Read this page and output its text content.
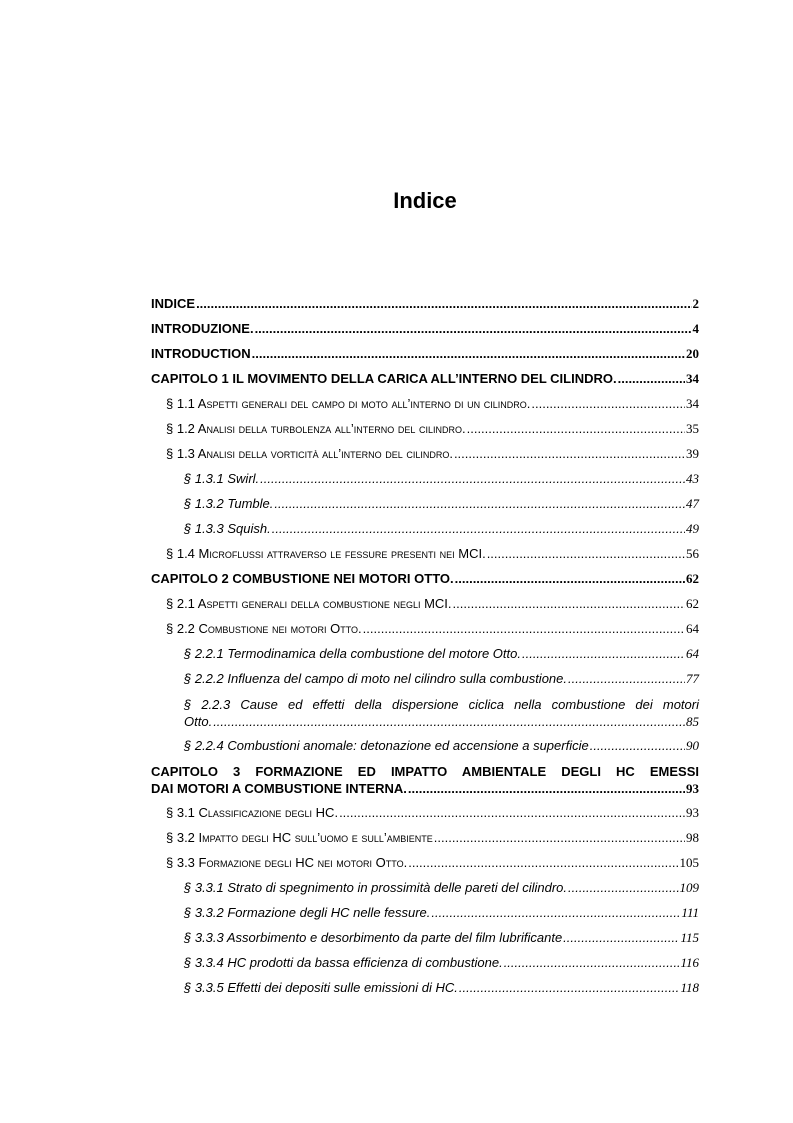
Indice
INDICE .....	2
INTRODUZIONE. .....	4
INTRODUCTION .....	20
CAPITOLO 1 IL MOVIMENTO DELLA CARICA ALL’INTERNO DEL CILINDRO. .....	34
§ 1.1 Aspetti generali del campo di moto all’interno di un cilindro. .....	34
§ 1.2 Analisi della turbolenza all’interno del cilindro. .....	35
§ 1.3 Analisi della vorticità all’interno del cilindro. .....	39
§ 1.3.1 Swirl. .....	43
§ 1.3.2 Tumble. .....	47
§ 1.3.3 Squish. .....	49
§ 1.4 Microflussi attraverso le fessure presenti nei MCI. .....	56
CAPITOLO 2 COMBUSTIONE NEI MOTORI OTTO. .....	62
§ 2.1 Aspetti generali della combustione negli MCI. .....	62
§ 2.2 Combustione nei motori Otto. .....	64
§ 2.2.1 Termodinamica della combustione del motore Otto. .....	64
§ 2.2.2 Influenza del campo di moto nel cilindro sulla combustione. .....	77
§ 2.2.3 Cause ed effetti della dispersione ciclica nella combustione dei motori
Otto. .....	85
§ 2.2.4 Combustioni anomale: detonazione ed accensione a superficie .....	90
CAPITOLO 3 FORMAZIONE ED IMPATTO AMBIENTALE DEGLI HC EMESSI
DAI MOTORI A COMBUSTIONE INTERNA. .....	93
§ 3.1 Classificazione degli HC. .....	93
§ 3.2 Impatto degli HC sull’uomo e sull’ambiente .....	98
§ 3.3 Formazione degli HC nei motori Otto. .....	105
§ 3.3.1 Strato di spegnimento in prossimità delle pareti del cilindro. .....	109
§ 3.3.2 Formazione degli HC nelle fessure. .....	111
§ 3.3.3 Assorbimento e desorbimento da parte del film lubrificante .....	115
§ 3.3.4 HC prodotti da bassa efficienza di combustione. .....	116
§ 3.3.5 Effetti dei depositi sulle emissioni di HC. .....	118
